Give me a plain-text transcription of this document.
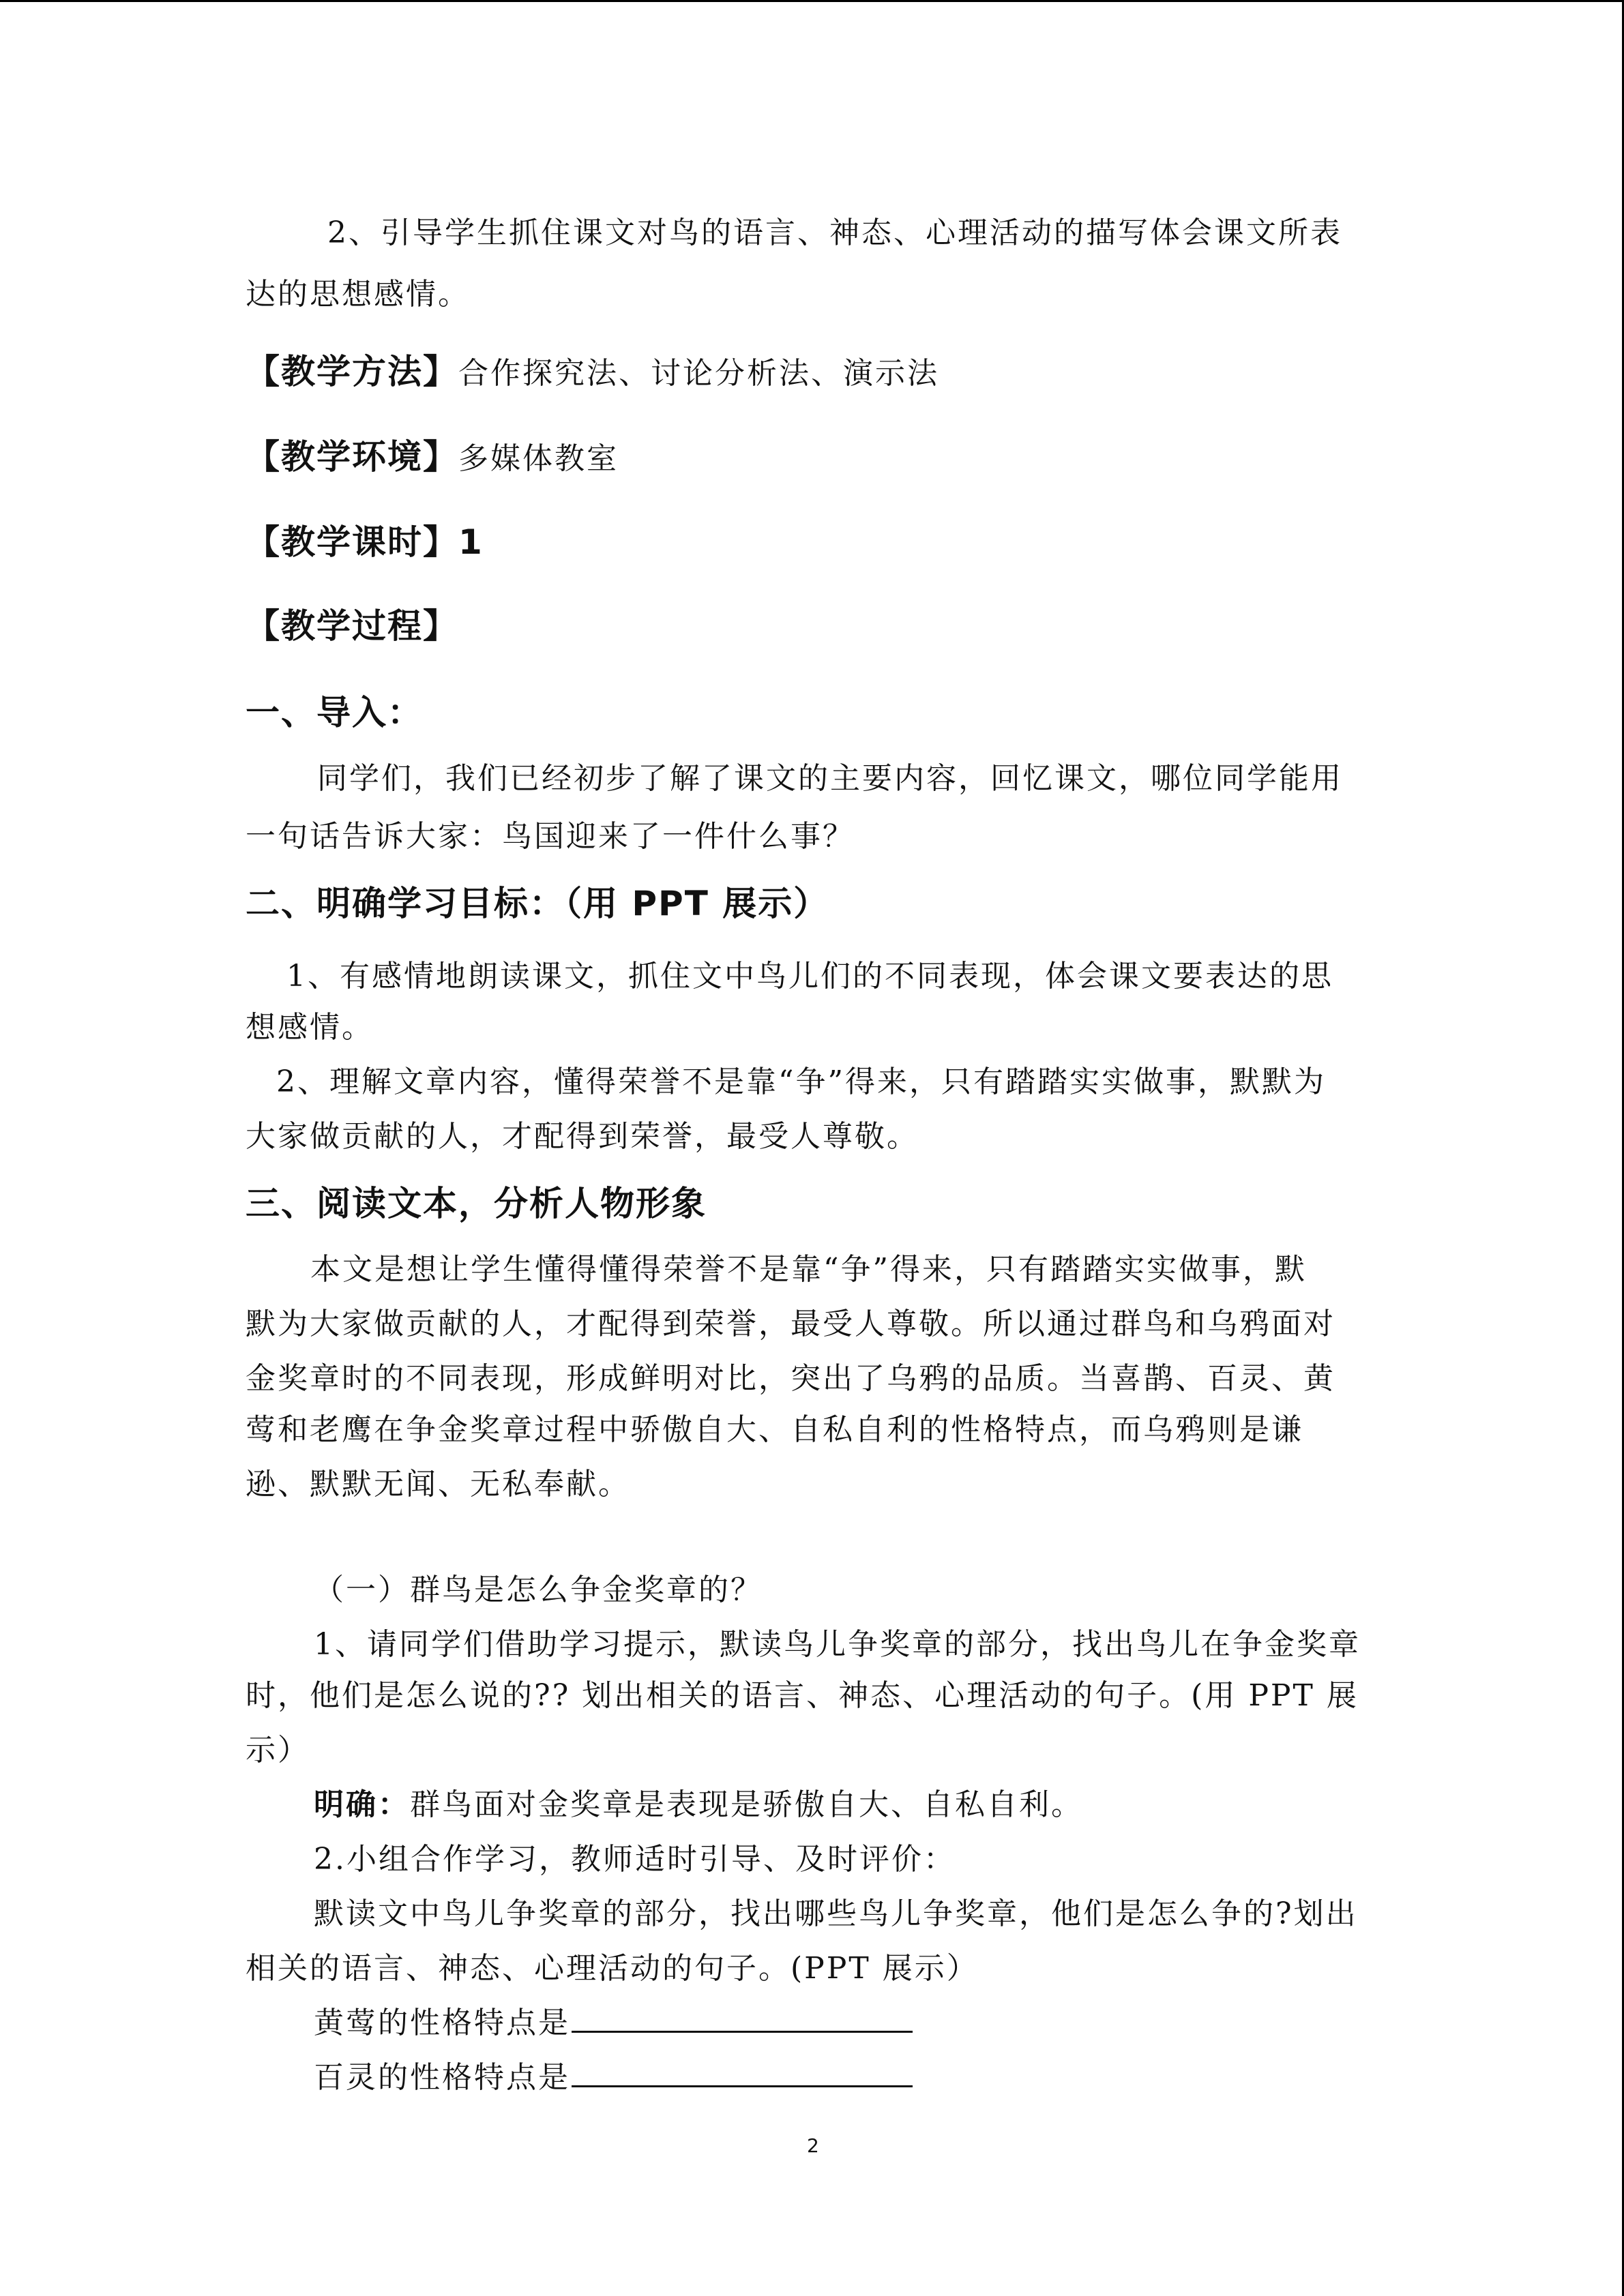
2、引导学生抓住课文对鸟的语言、神态、心理活动的描写体会课文所表
达的思想感情。
【教学方法】合作探究法、讨论分析法、演示法
【教学环境】多媒体教室
【教学课时】1
【教学过程】
一、导入：
同学们，我们已经初步了解了课文的主要内容，回忆课文，哪位同学能用
一句话告诉大家：鸟国迎来了一件什么事？
二、明确学习目标：（用 PPT 展示）
1、有感情地朗读课文，抓住文中鸟儿们的不同表现，体会课文要表达的思
想感情。
2、理解文章内容，懂得荣誉不是靠“争”得来，只有踏踏实实做事，默默为
大家做贡献的人，才配得到荣誉，最受人尊敬。
三、阅读文本，分析人物形象
本文是想让学生懂得懂得荣誉不是靠“争”得来，只有踏踏实实做事，默
默为大家做贡献的人，才配得到荣誉，最受人尊敬。所以通过群鸟和乌鸦面对
金奖章时的不同表现，形成鲜明对比，突出了乌鸦的品质。当喜鹊、百灵、黄
莺和老鹰在争金奖章过程中骄傲自大、自私自利的性格特点，而乌鸦则是谦
逊、默默无闻、无私奉献。
（一）群鸟是怎么争金奖章的？
1、请同学们借助学习提示，默读鸟儿争奖章的部分，找出鸟儿在争金奖章
时，他们是怎么说的?? 划出相关的语言、神态、心理活动的句子。(用 PPT 展
示）
明确：群鸟面对金奖章是表现是骄傲自大、自私自利。
2.小组合作学习，教师适时引导、及时评价：
默读文中鸟儿争奖章的部分，找出哪些鸟儿争奖章，他们是怎么争的?划出
相关的语言、神态、心理活动的句子。(PPT 展示）
黄莺的性格特点是
百灵的性格特点是
2
